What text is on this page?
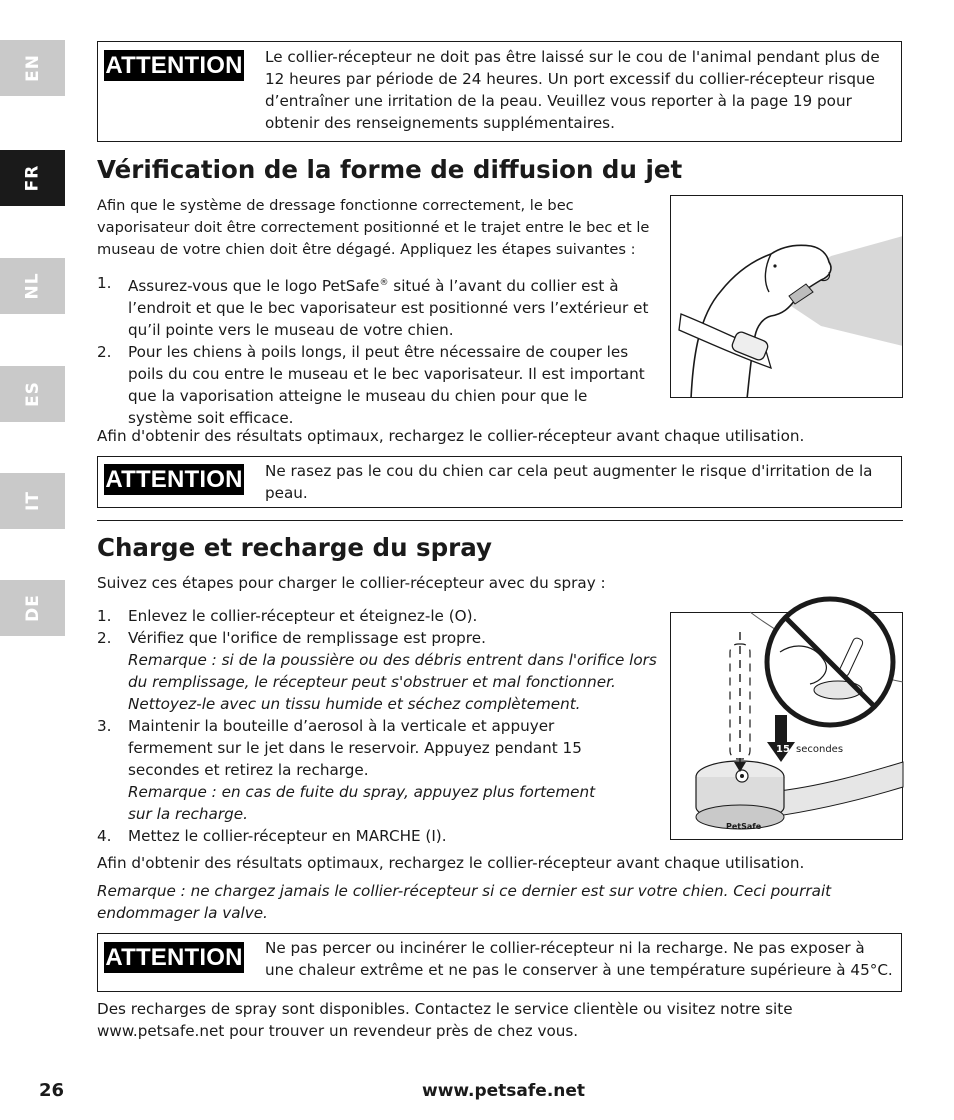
EN
FR
NL
ES
IT
DE
ATTENTION Le collier-récepteur ne doit pas être laissé sur le cou de l'animal pendant plus de 12 heures par période de 24 heures. Un port excessif du collier-récepteur risque d’entraîner une irritation de la peau. Veuillez vous reporter à la page 19 pour obtenir des renseignements supplémentaires.
Vérification de la forme de diffusion du jet

Afin que le système de dressage fonctionne correctement, le bec vaporisateur doit être correctement positionné et le trajet entre le bec et le museau de votre chien doit être dégagé. Appliquez les étapes suivantes :

1. Assurez-vous que le logo PetSafe® situé à l’avant du collier est à l’endroit et que le bec vaporisateur est positionné vers l’extérieur et qu’il pointe vers le museau de votre chien.
2. Pour les chiens à poils longs, il peut être nécessaire de couper les poils du cou entre le museau et le bec vaporisateur. Il est important que la vaporisation atteigne le museau du chien pour que le système soit efficace.

Afin d'obtenir des résultats optimaux, rechargez le collier-récepteur avant chaque utilisation.

ATTENTION Ne rasez pas le cou du chien car cela peut augmenter le risque d'irritation de la peau.
Charge et recharge du spray

Suivez ces étapes pour charger le collier-récepteur avec du spray :

1. Enlevez le collier-récepteur et éteignez-le (O).
2. Vérifiez que l'orifice de remplissage est propre.
Remarque : si de la poussière ou des débris entrent dans l'orifice lors du remplissage, le récepteur peut s'obstruer et mal fonctionner. Nettoyez-le avec un tissu humide et séchez complètement.
3. Maintenir la bouteille d’aerosol à la verticale et appuyer fermement sur le jet dans le reservoir. Appuyez pendant 15 secondes et retirez la recharge.
Remarque : en cas de fuite du spray, appuyez plus fortement sur la recharge.
4. Mettez le collier-récepteur en MARCHE (I).

Afin d'obtenir des résultats optimaux, rechargez le collier-récepteur avant chaque utilisation.

Remarque : ne chargez jamais le collier-récepteur si ce dernier est sur votre chien. Ceci pourrait endommager la valve.

PetSafe
15 secondes
ATTENTION Ne pas percer ou incinérer le collier-récepteur ni la recharge. Ne pas exposer à une chaleur extrême et ne pas le conserver à une température supérieure à 45°C.

Des recharges de spray sont disponibles. Contactez le service clientèle ou visitez notre site www.petsafe.net pour trouver un revendeur près de chez vous.

26	www.petsafe.net
